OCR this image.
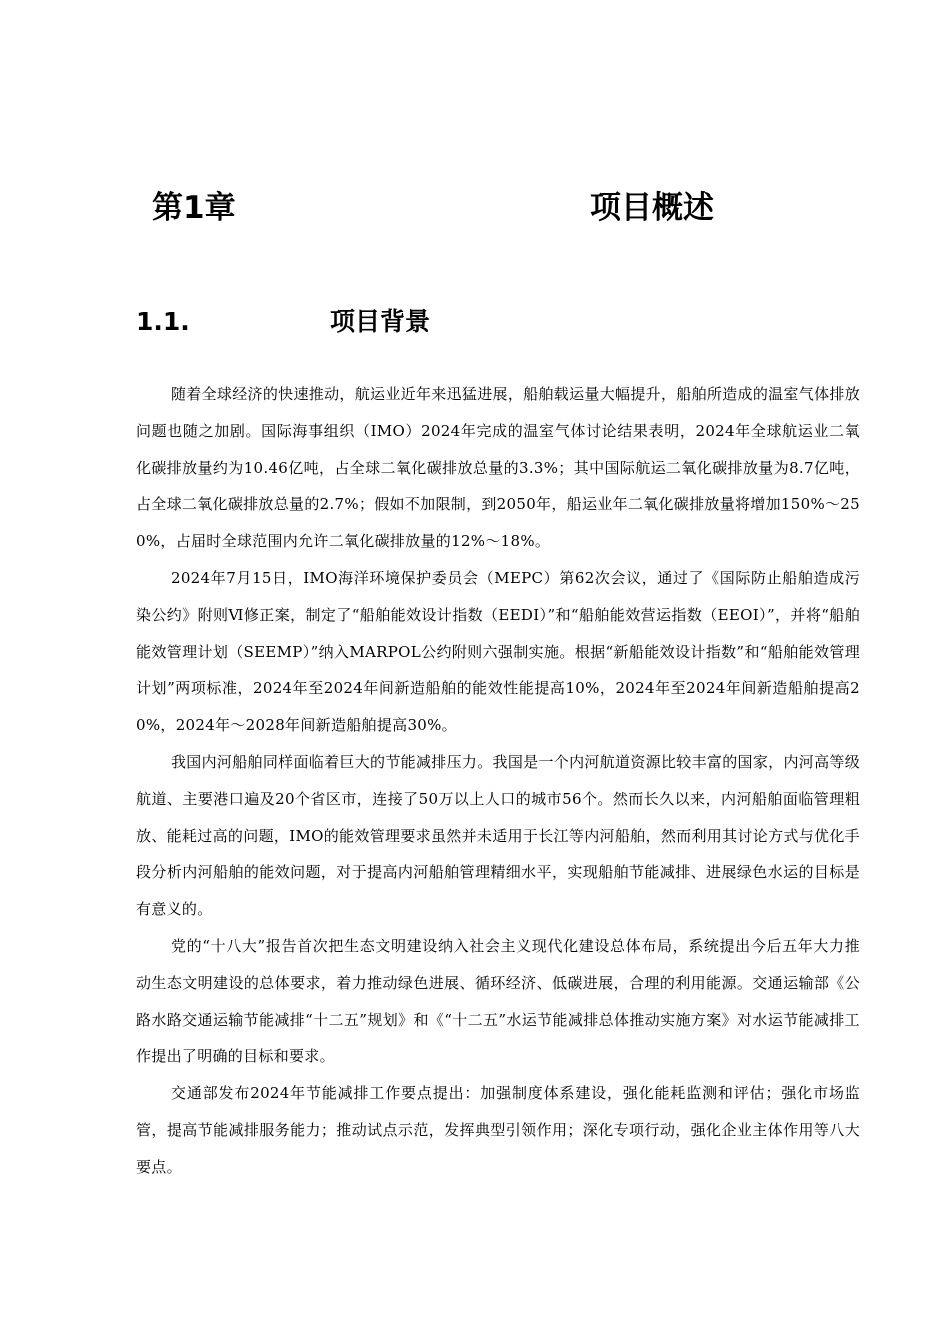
第1章	项目概述
1.1.	项目背景

随着全球经济的快速推动，航运业近年来迅猛进展，船舶载运量大幅提升，船舶所造成的温室气体排放问题也随之加剧。国际海事组织（IMO）2024年完成的温室气体讨论结果表明，2024年全球航运业二氧化碳排放量约为10.46亿吨，占全球二氧化碳排放总量的3.3%；其中国际航运二氧化碳排放量为8.7亿吨，占全球二氧化碳排放总量的2.7%；假如不加限制，到2050年，船运业年二氧化碳排放量将增加150%～250%，占届时全球范围内允许二氧化碳排放量的12%～18%。

2024年7月15日，IMO海洋环境保护委员会（MEPC）第62次会议，通过了《国际防止船舶造成污染公约》附则Ⅵ修正案，制定了“船舶能效设计指数（EEDI）”和“船舶能效营运指数（EEOI）”，并将“船舶能效管理计划（SEEMP）”纳入MARPOL公约附则六强制实施。根据“新船能效设计指数”和“船舶能效管理计划”两项标准，2024年至2024年间新造船舶的能效性能提高10%，2024年至2024年间新造船舶提高20%，2024年～2028年间新造船舶提高30%。

我国内河船舶同样面临着巨大的节能减排压力。我国是一个内河航道资源比较丰富的国家，内河高等级航道、主要港口遍及20个省区市，连接了50万以上人口的城市56个。然而长久以来，内河船舶面临管理粗放、能耗过高的问题，IMO的能效管理要求虽然并未适用于长江等内河船舶，然而利用其讨论方式与优化手段分析内河船舶的能效问题，对于提高内河船舶管理精细水平，实现船舶节能减排、进展绿色水运的目标是有意义的。

党的“十八大”报告首次把生态文明建设纳入社会主义现代化建设总体布局，系统提出今后五年大力推动生态文明建设的总体要求，着力推动绿色进展、循环经济、低碳进展，合理的利用能源。交通运输部《公路水路交通运输节能减排“十二五”规划》和《“十二五”水运节能减排总体推动实施方案》对水运节能减排工作提出了明确的目标和要求。

交通部发布2024年节能减排工作要点提出：加强制度体系建设，强化能耗监测和评估；强化市场监管，提高节能减排服务能力；推动试点示范，发挥典型引领作用；深化专项行动，强化企业主体作用等八大要点。
